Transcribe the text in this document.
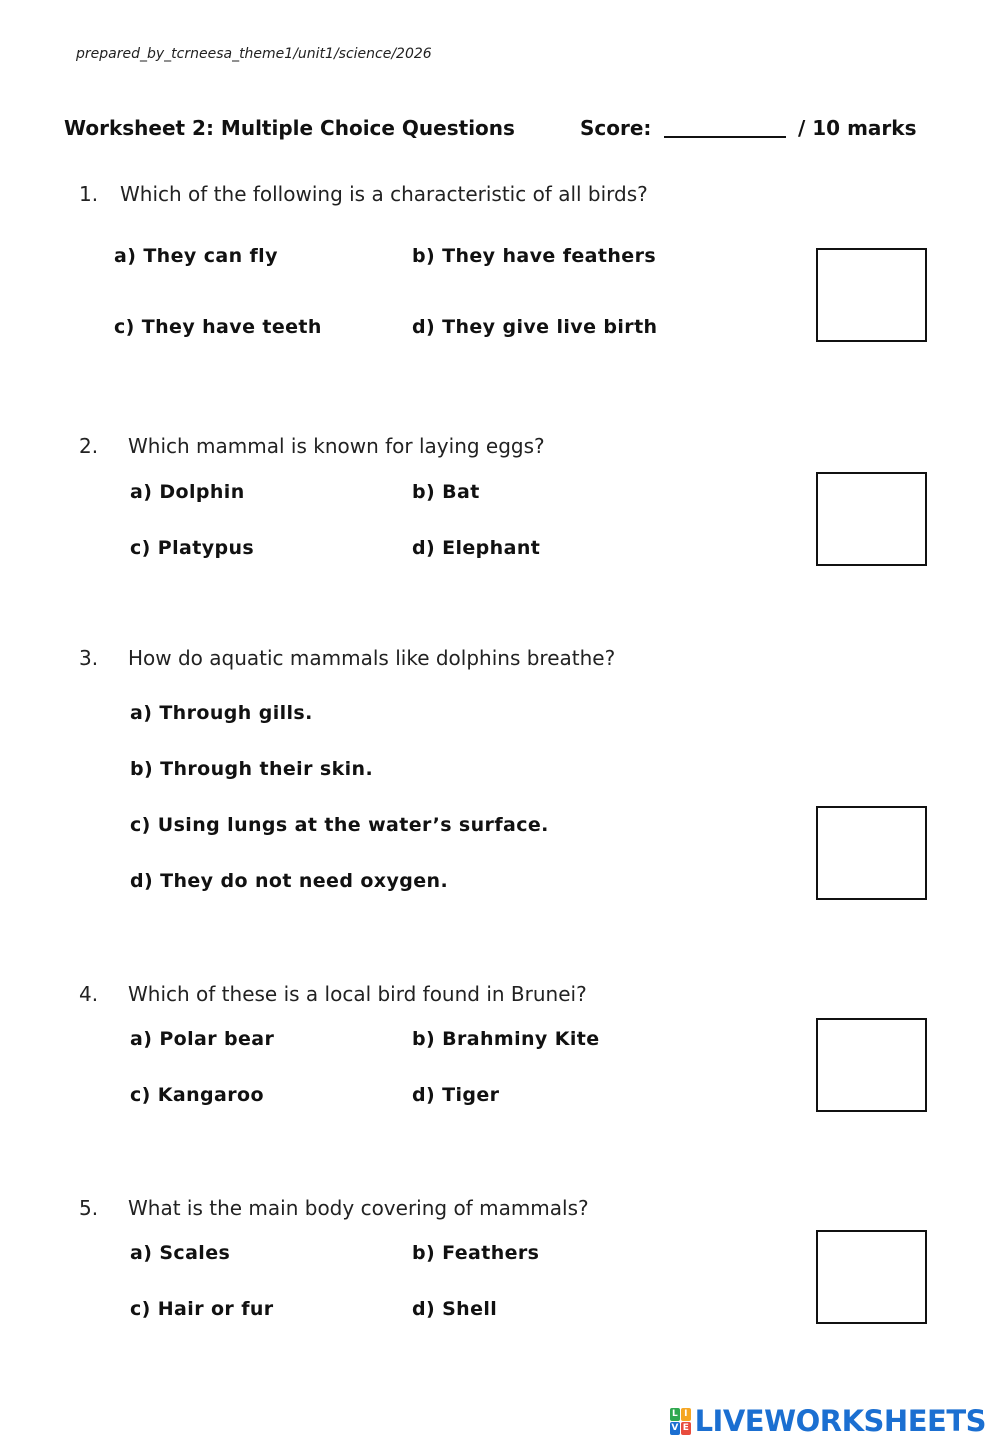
prepared_by_tcrneesa_theme1/unit1/science/2026
Worksheet 2: Multiple Choice Questions	Score:	/ 10 marks
1. Which of the following is a characteristic of all birds?
a) They can fly	b) They have feathers
c) They have teeth	d) They give live birth
2. Which mammal is known for laying eggs?
a) Dolphin	b) Bat
c) Platypus	d) Elephant
3. How do aquatic mammals like dolphins breathe?
a) Through gills.
b) Through their skin.
c) Using lungs at the water’s surface.
d) They do not need oxygen.
4. Which of these is a local bird found in Brunei?
a) Polar bear	b) Brahminy Kite
c) Kangaroo	d) Tiger
5. What is the main body covering of mammals?
a) Scales	b) Feathers
c) Hair or fur	d) Shell
L I
V E LIVEWORKSHEETS
